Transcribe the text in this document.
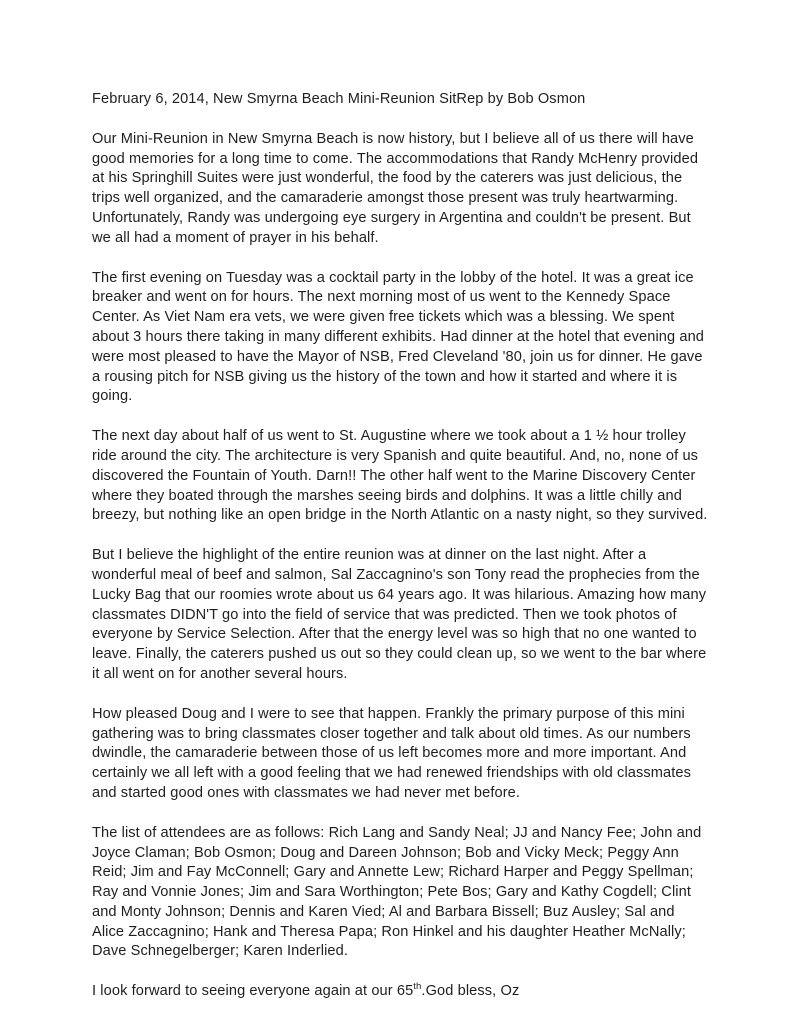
February 6, 2014, New Smyrna Beach Mini-Reunion SitRep by Bob Osmon

Our Mini-Reunion in New Smyrna Beach is now history, but I believe all of us there will have good memories for a long time to come. The accommodations that Randy McHenry provided at his Springhill Suites were just wonderful, the food by the caterers was just delicious, the trips well organized, and the camaraderie amongst those present was truly heartwarming. Unfortunately, Randy was undergoing eye surgery in Argentina and couldn't be present. But we all had a moment of prayer in his behalf.

The first evening on Tuesday was a cocktail party in the lobby of the hotel. It was a great ice breaker and went on for hours. The next morning most of us went to the Kennedy Space Center. As Viet Nam era vets, we were given free tickets which was a blessing. We spent about 3 hours there taking in many different exhibits. Had dinner at the hotel that evening and were most pleased to have the Mayor of NSB, Fred Cleveland '80, join us for dinner. He gave a rousing pitch for NSB giving us the history of the town and how it started and where it is going.

The next day about half of us went to St. Augustine where we took about a 1 ½ hour trolley ride around the city. The architecture is very Spanish and quite beautiful. And, no, none of us discovered the Fountain of Youth. Darn!! The other half went to the Marine Discovery Center where they boated through the marshes seeing birds and dolphins. It was a little chilly and breezy, but nothing like an open bridge in the North Atlantic on a nasty night, so they survived.

But I believe the highlight of the entire reunion was at dinner on the last night. After a wonderful meal of beef and salmon, Sal Zaccagnino's son Tony read the prophecies from the Lucky Bag that our roomies wrote about us 64 years ago. It was hilarious. Amazing how many classmates DIDN'T go into the field of service that was predicted. Then we took photos of everyone by Service Selection. After that the energy level was so high that no one wanted to leave. Finally, the caterers pushed us out so they could clean up, so we went to the bar where it all went on for another several hours.

How pleased Doug and I were to see that happen. Frankly the primary purpose of this mini gathering was to bring classmates closer together and talk about old times. As our numbers dwindle, the camaraderie between those of us left becomes more and more important. And certainly we all left with a good feeling that we had renewed friendships with old classmates and started good ones with classmates we had never met before.

The list of attendees are as follows: Rich Lang and Sandy Neal; JJ and Nancy Fee; John and Joyce Claman; Bob Osmon; Doug and Dareen Johnson; Bob and Vicky Meck; Peggy Ann Reid; Jim and Fay McConnell; Gary and Annette Lew; Richard Harper and Peggy Spellman; Ray and Vonnie Jones; Jim and Sara Worthington; Pete Bos; Gary and Kathy Cogdell; Clint and Monty Johnson; Dennis and Karen Vied; Al and Barbara Bissell; Buz Ausley; Sal and Alice Zaccagnino; Hank and Theresa Papa; Ron Hinkel and his daughter Heather McNally; Dave Schnegelberger; Karen Inderlied.

I look forward to seeing everyone again at our 65th.God bless, Oz
